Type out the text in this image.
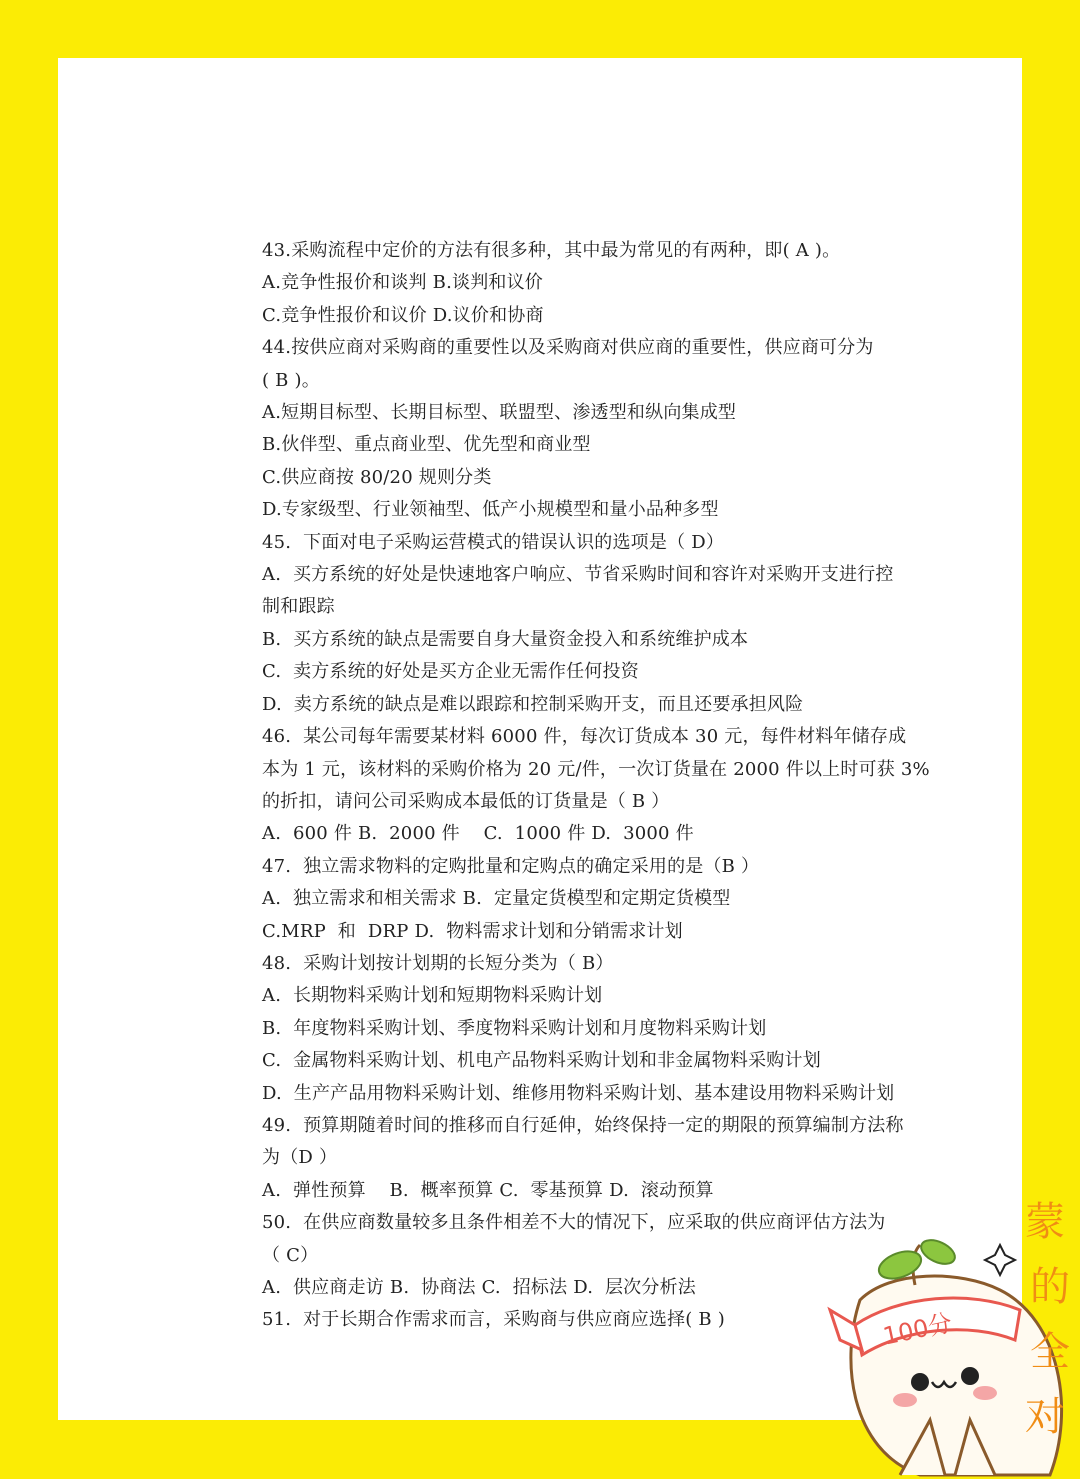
43.采购流程中定价的方法有很多种，其中最为常见的有两种，即( A )。
A.竞争性报价和谈判 B.谈判和议价
C.竞争性报价和议价 D.议价和协商
44.按供应商对采购商的重要性以及采购商对供应商的重要性，供应商可分为
( B )。
A.短期目标型、长期目标型、联盟型、渗透型和纵向集成型
B.伙伴型、重点商业型、优先型和商业型
C.供应商按 80/20 规则分类
D.专家级型、行业领袖型、低产小规模型和量小品种多型
45.  下面对电子采购运营模式的错误认识的选项是（ D）
A.  买方系统的好处是快速地客户响应、节省采购时间和容许对采购开支进行控
制和跟踪
B.  买方系统的缺点是需要自身大量资金投入和系统维护成本
C.  卖方系统的好处是买方企业无需作任何投资
D.  卖方系统的缺点是难以跟踪和控制采购开支，而且还要承担风险
46.  某公司每年需要某材料 6000 件，每次订货成本 30 元，每件材料年储存成
本为 1 元，该材料的采购价格为 20 元/件，一次订货量在 2000 件以上时可获 3%
的折扣，请问公司采购成本最低的订货量是（ B ）
A.  600 件 B.  2000 件    C.  1000 件 D.  3000 件
47.  独立需求物料的定购批量和定购点的确定采用的是（B ）
A.  独立需求和相关需求 B.  定量定货模型和定期定货模型
C.MRP  和  DRP D.  物料需求计划和分销需求计划
48.  采购计划按计划期的长短分类为（ B）
A.  长期物料采购计划和短期物料采购计划
B.  年度物料采购计划、季度物料采购计划和月度物料采购计划
C.  金属物料采购计划、机电产品物料采购计划和非金属物料采购计划
D.  生产产品用物料采购计划、维修用物料采购计划、基本建设用物料采购计划
49.  预算期随着时间的推移而自行延伸，始终保持一定的期限的预算编制方法称
为（D ）
A.  弹性预算    B.  概率预算 C.  零基预算 D.  滚动预算
50.  在供应商数量较多且条件相差不大的情况下，应采取的供应商评估方法为
（ C）
A.  供应商走访 B.  协商法 C.  招标法 D.  层次分析法
51.  对于长期合作需求而言，采购商与供应商应选择( B )	100分
蒙
的
全
对
